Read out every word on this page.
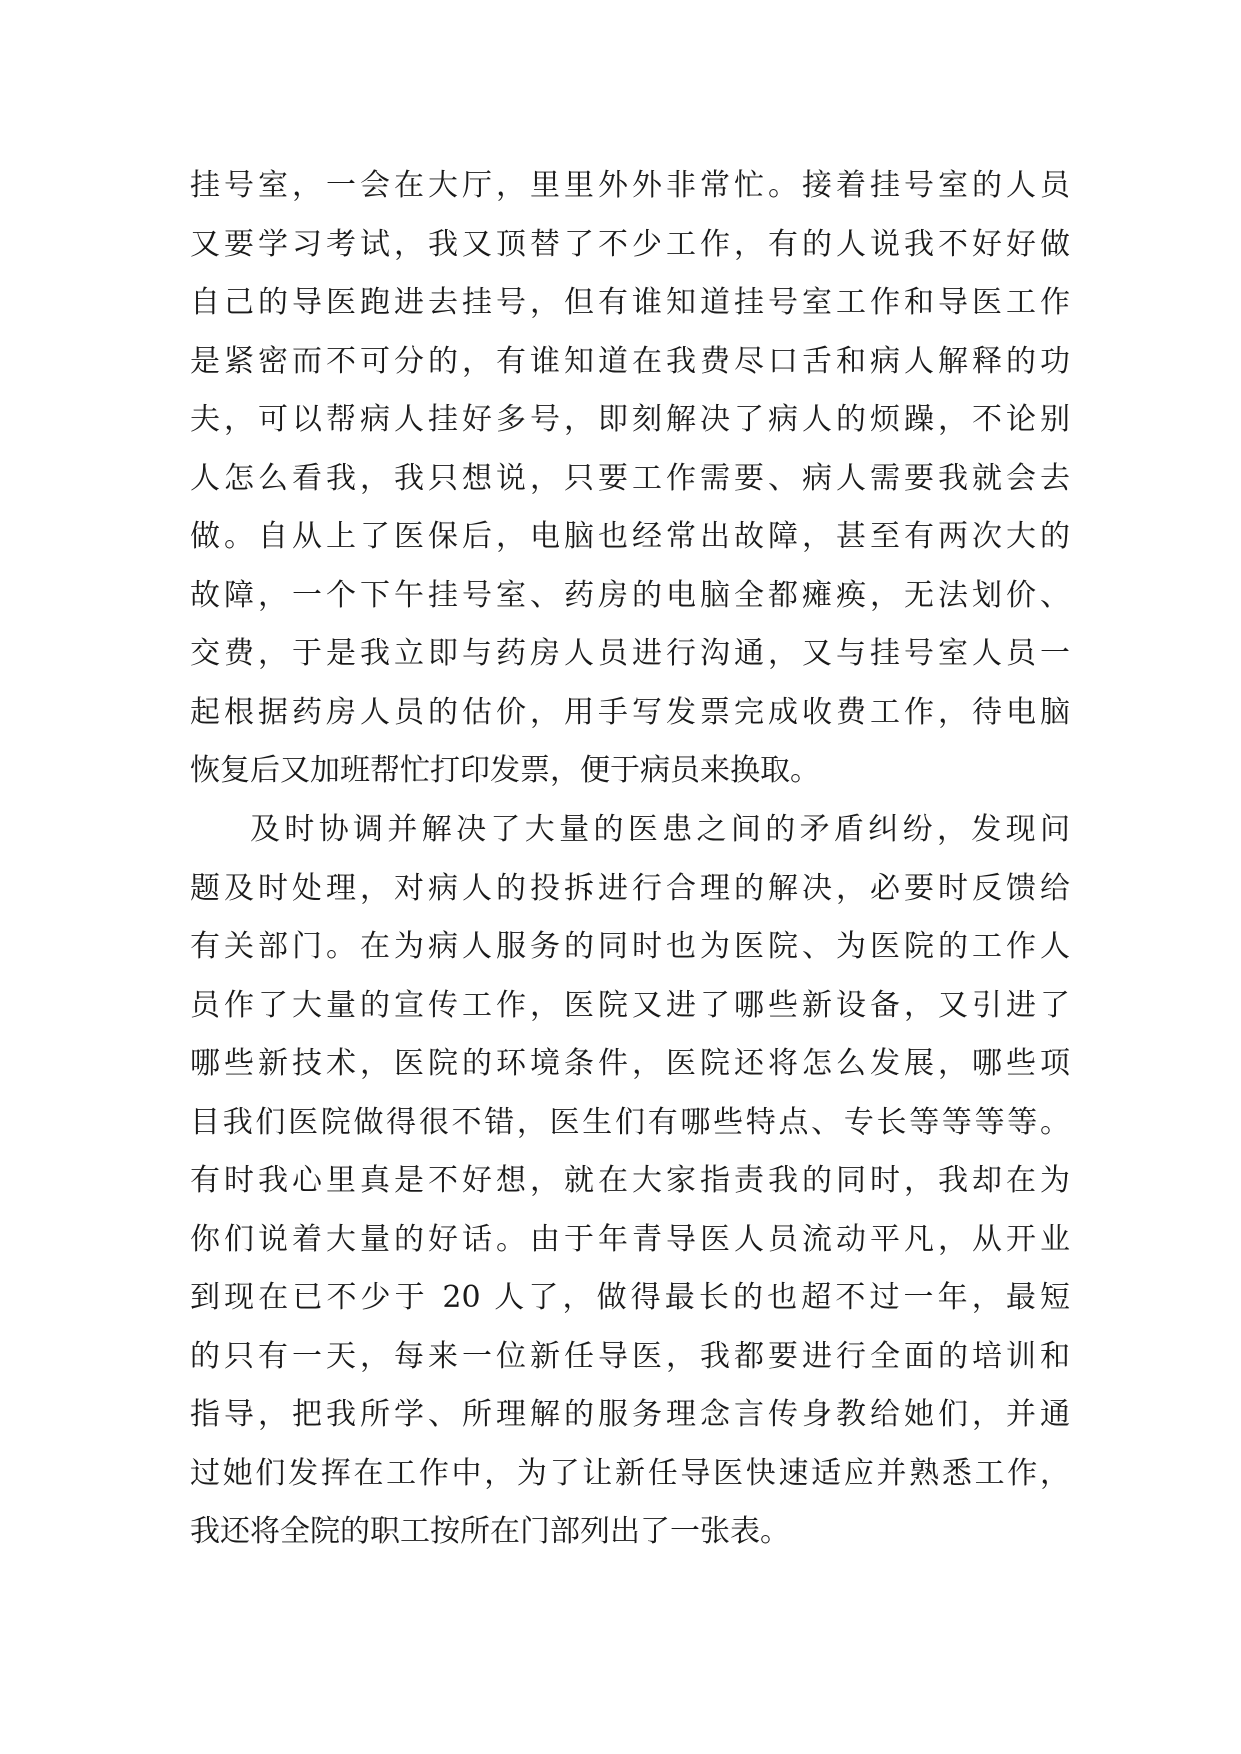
挂号室，一会在大厅，里里外外非常忙。接着挂号室的人员
又要学习考试，我又顶替了不少工作，有的人说我不好好做
自己的导医跑进去挂号，但有谁知道挂号室工作和导医工作
是紧密而不可分的，有谁知道在我费尽口舌和病人解释的功
夫，可以帮病人挂好多号，即刻解决了病人的烦躁，不论别
人怎么看我，我只想说，只要工作需要、病人需要我就会去
做。自从上了医保后，电脑也经常出故障，甚至有两次大的
故障，一个下午挂号室、药房的电脑全都瘫痪，无法划价、
交费，于是我立即与药房人员进行沟通，又与挂号室人员一
起根据药房人员的估价，用手写发票完成收费工作，待电脑
恢复后又加班帮忙打印发票，便于病员来换取。
及时协调并解决了大量的医患之间的矛盾纠纷，发现问
题及时处理，对病人的投拆进行合理的解决，必要时反馈给
有关部门。在为病人服务的同时也为医院、为医院的工作人
员作了大量的宣传工作，医院又进了哪些新设备，又引进了
哪些新技术，医院的环境条件，医院还将怎么发展，哪些项
目我们医院做得很不错，医生们有哪些特点、专长等等等等。
有时我心里真是不好想，就在大家指责我的同时，我却在为
你们说着大量的好话。由于年青导医人员流动平凡，从开业
到现在已不少于 20 人了，做得最长的也超不过一年，最短
的只有一天，每来一位新任导医，我都要进行全面的培训和
指导，把我所学、所理解的服务理念言传身教给她们，并通
过她们发挥在工作中，为了让新任导医快速适应并熟悉工作，
我还将全院的职工按所在门部列出了一张表。
